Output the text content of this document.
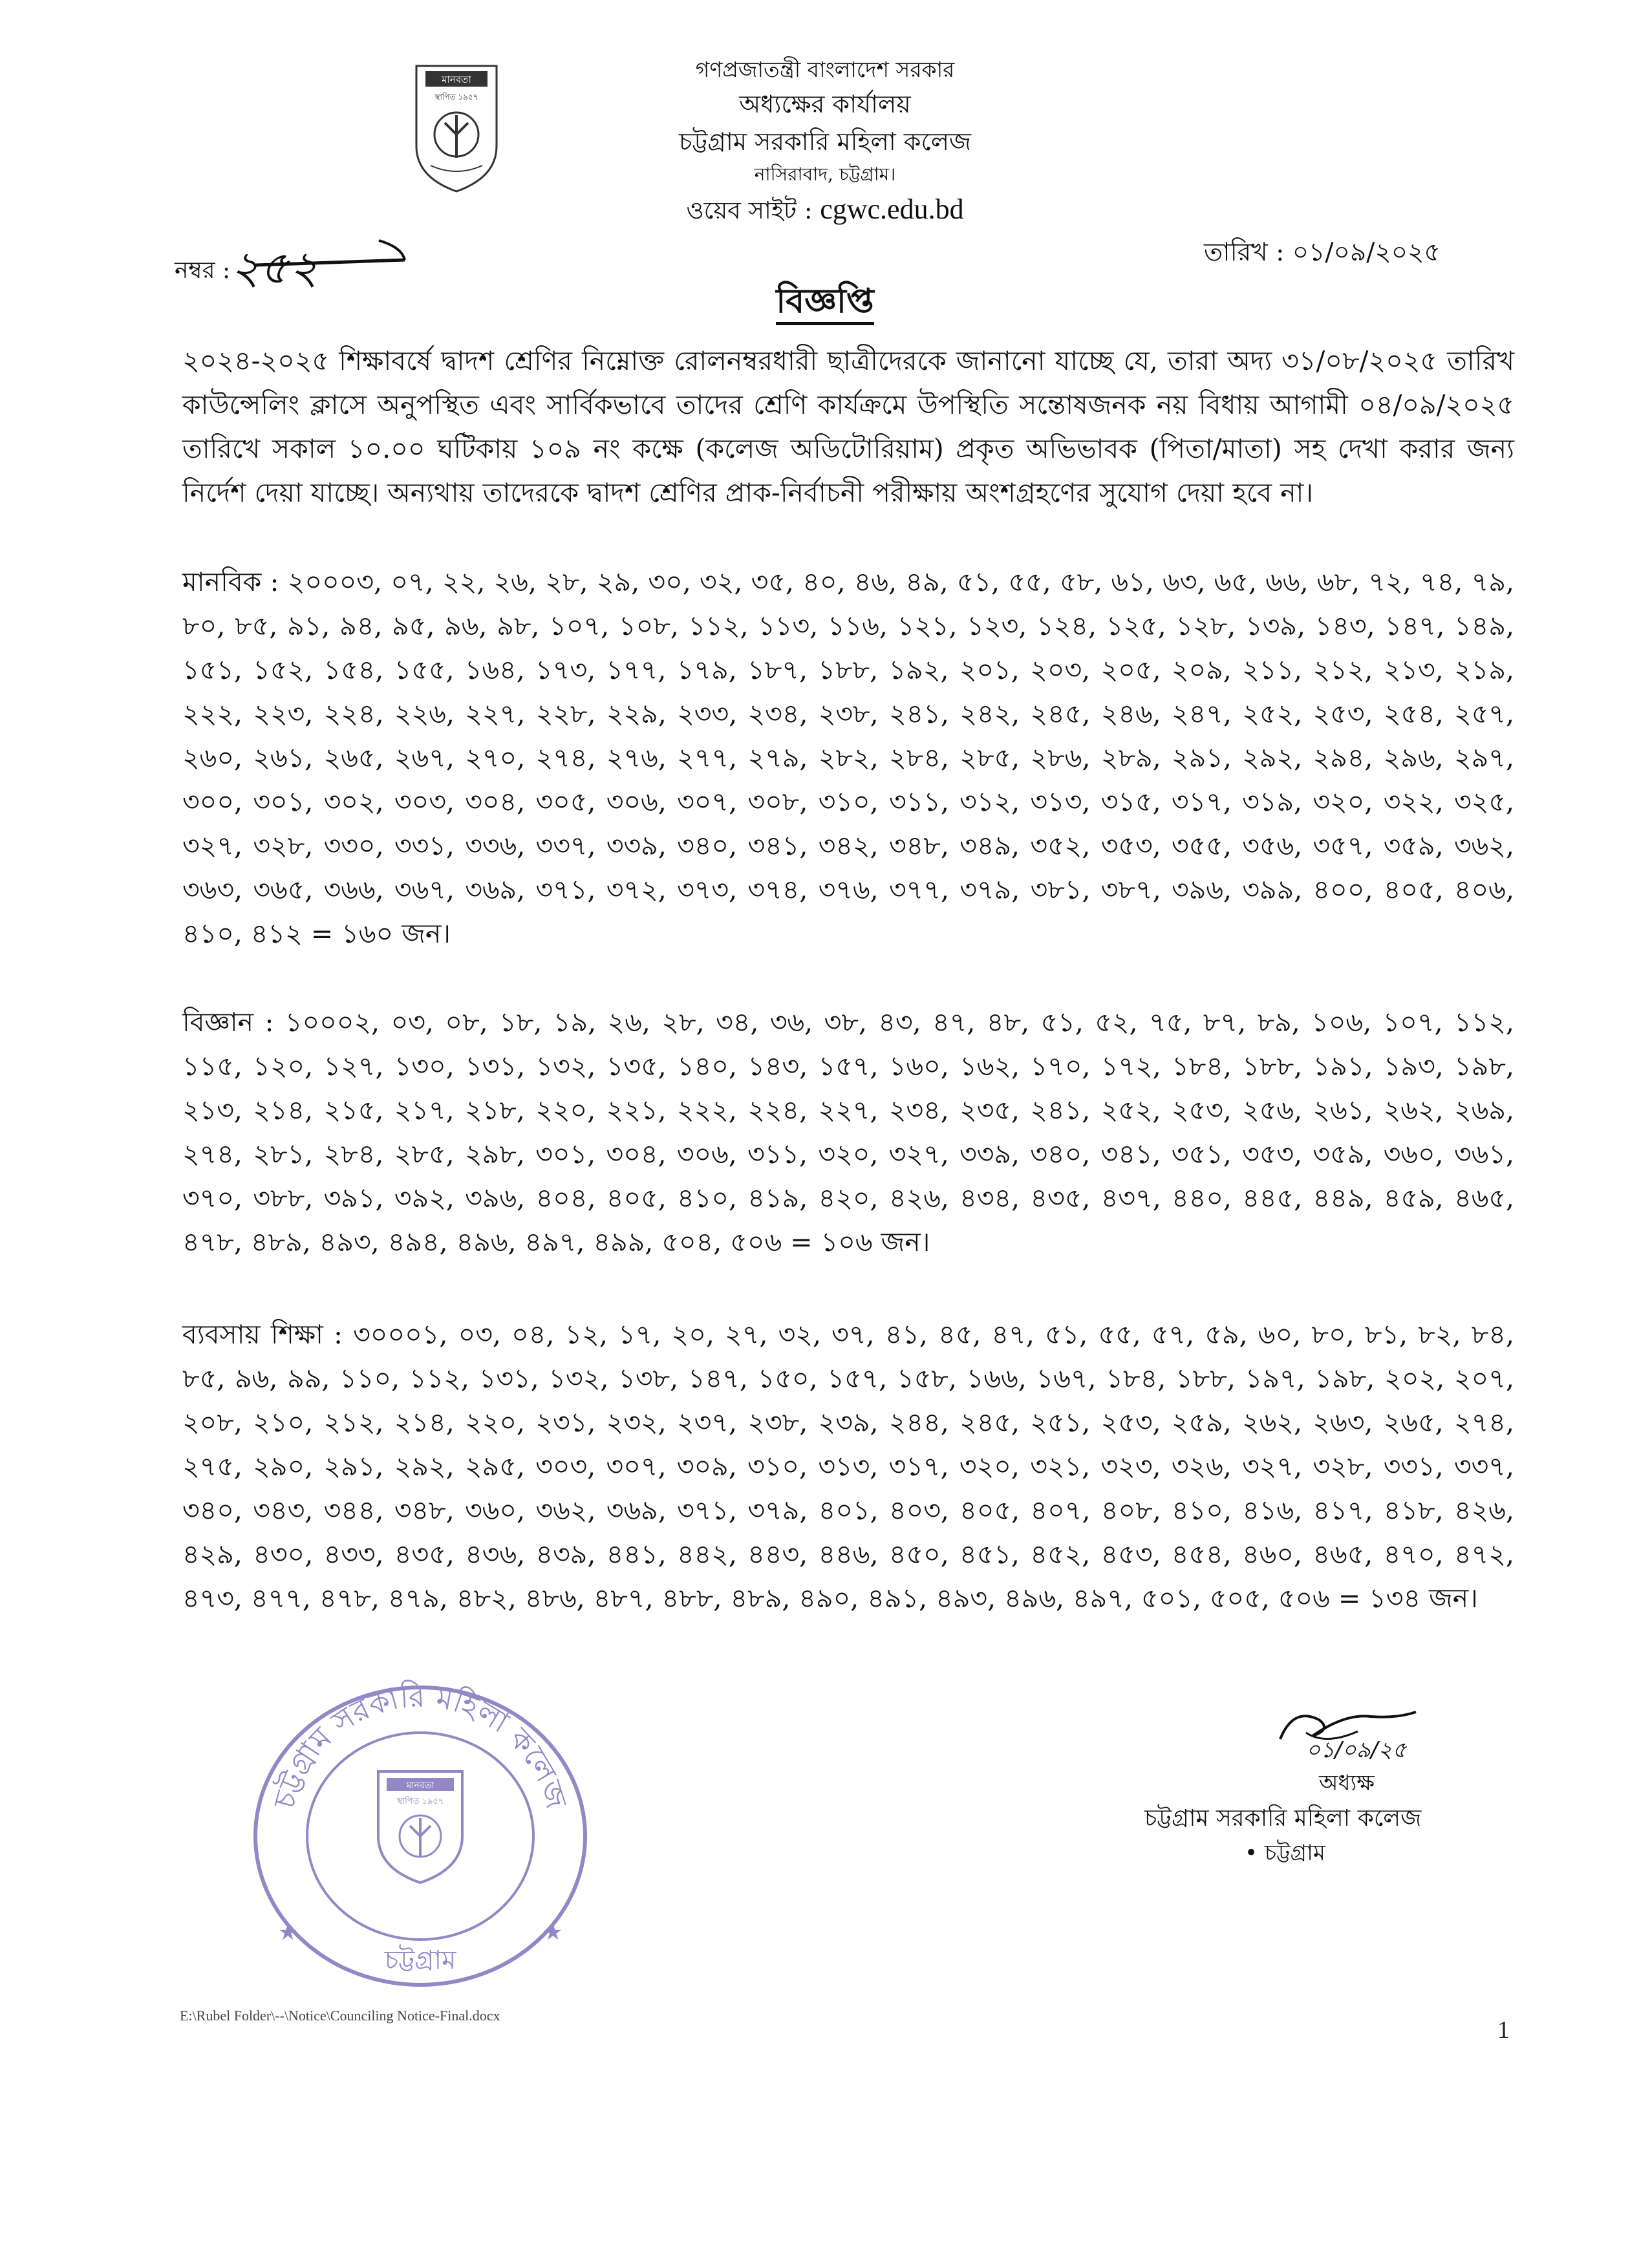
মানবতা
স্থাপিত ১৯৫৭
গণপ্রজাতন্ত্রী বাংলাদেশ সরকার
অধ্যক্ষের কার্যালয়
চট্টগ্রাম সরকারি মহিলা কলেজ
নাসিরাবাদ, চট্টগ্রাম।
ওয়েব সাইট : cgwc.edu.bd
নম্বর :২৫২	তারিখ : ০১/০৯/২০২৫
বিজ্ঞপ্তি
২০২৪-২০২৫ শিক্ষাবর্ষে দ্বাদশ শ্রেণির নিম্নোক্ত রোলনম্বরধারী ছাত্রীদেরকে জানানো যাচ্ছে যে, তারা অদ্য ৩১/০৮/২০২৫ তারিখ কাউন্সেলিং ক্লাসে অনুপস্থিত এবং সার্বিকভাবে তাদের শ্রেণি কার্যক্রমে উপস্থিতি সন্তোষজনক নয় বিধায় আগামী ০৪/০৯/২০২৫ তারিখে সকাল ১০.০০ ঘটিকায় ১০৯ নং কক্ষে (কলেজ অডিটোরিয়াম) প্রকৃত অভিভাবক (পিতা/মাতা) সহ দেখা করার জন্য নির্দেশ দেয়া যাচ্ছে। অন্যথায় তাদেরকে দ্বাদশ শ্রেণির প্রাক-নির্বাচনী পরীক্ষায় অংশগ্রহণের সুযোগ দেয়া হবে না।
মানবিক : ২০০০৩, ০৭, ২২, ২৬, ২৮, ২৯, ৩০, ৩২, ৩৫, ৪০, ৪৬, ৪৯, ৫১, ৫৫, ৫৮, ৬১, ৬৩, ৬৫, ৬৬, ৬৮, ৭২, ৭৪, ৭৯, ৮০, ৮৫, ৯১, ৯৪, ৯৫, ৯৬, ৯৮, ১০৭, ১০৮, ১১২, ১১৩, ১১৬, ১২১, ১২৩, ১২৪, ১২৫, ১২৮, ১৩৯, ১৪৩, ১৪৭, ১৪৯, ১৫১, ১৫২, ১৫৪, ১৫৫, ১৬৪, ১৭৩, ১৭৭, ১৭৯, ১৮৭, ১৮৮, ১৯২, ২০১, ২০৩, ২০৫, ২০৯, ২১১, ২১২, ২১৩, ২১৯, ২২২, ২২৩, ২২৪, ২২৬, ২২৭, ২২৮, ২২৯, ২৩৩, ২৩৪, ২৩৮, ২৪১, ২৪২, ২৪৫, ২৪৬, ২৪৭, ২৫২, ২৫৩, ২৫৪, ২৫৭, ২৬০, ২৬১, ২৬৫, ২৬৭, ২৭০, ২৭৪, ২৭৬, ২৭৭, ২৭৯, ২৮২, ২৮৪, ২৮৫, ২৮৬, ২৮৯, ২৯১, ২৯২, ২৯৪, ২৯৬, ২৯৭, ৩০০, ৩০১, ৩০২, ৩০৩, ৩০৪, ৩০৫, ৩০৬, ৩০৭, ৩০৮, ৩১০, ৩১১, ৩১২, ৩১৩, ৩১৫, ৩১৭, ৩১৯, ৩২০, ৩২২, ৩২৫, ৩২৭, ৩২৮, ৩৩০, ৩৩১, ৩৩৬, ৩৩৭, ৩৩৯, ৩৪০, ৩৪১, ৩৪২, ৩৪৮, ৩৪৯, ৩৫২, ৩৫৩, ৩৫৫, ৩৫৬, ৩৫৭, ৩৫৯, ৩৬২, ৩৬৩, ৩৬৫, ৩৬৬, ৩৬৭, ৩৬৯, ৩৭১, ৩৭২, ৩৭৩, ৩৭৪, ৩৭৬, ৩৭৭, ৩৭৯, ৩৮১, ৩৮৭, ৩৯৬, ৩৯৯, ৪০০, ৪০৫, ৪০৬, ৪১০, ৪১২ = ১৬০ জন।
বিজ্ঞান : ১০০০২, ০৩, ০৮, ১৮, ১৯, ২৬, ২৮, ৩৪, ৩৬, ৩৮, ৪৩, ৪৭, ৪৮, ৫১, ৫২, ৭৫, ৮৭, ৮৯, ১০৬, ১০৭, ১১২, ১১৫, ১২০, ১২৭, ১৩০, ১৩১, ১৩২, ১৩৫, ১৪০, ১৪৩, ১৫৭, ১৬০, ১৬২, ১৭০, ১৭২, ১৮৪, ১৮৮, ১৯১, ১৯৩, ১৯৮, ২১৩, ২১৪, ২১৫, ২১৭, ২১৮, ২২০, ২২১, ২২২, ২২৪, ২২৭, ২৩৪, ২৩৫, ২৪১, ২৫২, ২৫৩, ২৫৬, ২৬১, ২৬২, ২৬৯, ২৭৪, ২৮১, ২৮৪, ২৮৫, ২৯৮, ৩০১, ৩০৪, ৩০৬, ৩১১, ৩২০, ৩২৭, ৩৩৯, ৩৪০, ৩৪১, ৩৫১, ৩৫৩, ৩৫৯, ৩৬০, ৩৬১, ৩৭০, ৩৮৮, ৩৯১, ৩৯২, ৩৯৬, ৪০৪, ৪০৫, ৪১০, ৪১৯, ৪২০, ৪২৬, ৪৩৪, ৪৩৫, ৪৩৭, ৪৪০, ৪৪৫, ৪৪৯, ৪৫৯, ৪৬৫, ৪৭৮, ৪৮৯, ৪৯৩, ৪৯৪, ৪৯৬, ৪৯৭, ৪৯৯, ৫০৪, ৫০৬ = ১০৬ জন।
ব্যবসায় শিক্ষা : ৩০০০১, ০৩, ০৪, ১২, ১৭, ২০, ২৭, ৩২, ৩৭, ৪১, ৪৫, ৪৭, ৫১, ৫৫, ৫৭, ৫৯, ৬০, ৮০, ৮১, ৮২, ৮৪, ৮৫, ৯৬, ৯৯, ১১০, ১১২, ১৩১, ১৩২, ১৩৮, ১৪৭, ১৫০, ১৫৭, ১৫৮, ১৬৬, ১৬৭, ১৮৪, ১৮৮, ১৯৭, ১৯৮, ২০২, ২০৭, ২০৮, ২১০, ২১২, ২১৪, ২২০, ২৩১, ২৩২, ২৩৭, ২৩৮, ২৩৯, ২৪৪, ২৪৫, ২৫১, ২৫৩, ২৫৯, ২৬২, ২৬৩, ২৬৫, ২৭৪, ২৭৫, ২৯০, ২৯১, ২৯২, ২৯৫, ৩০৩, ৩০৭, ৩০৯, ৩১০, ৩১৩, ৩১৭, ৩২০, ৩২১, ৩২৩, ৩২৬, ৩২৭, ৩২৮, ৩৩১, ৩৩৭, ৩৪০, ৩৪৩, ৩৪৪, ৩৪৮, ৩৬০, ৩৬২, ৩৬৯, ৩৭১, ৩৭৯, ৪০১, ৪০৩, ৪০৫, ৪০৭, ৪০৮, ৪১০, ৪১৬, ৪১৭, ৪১৮, ৪২৬, ৪২৯, ৪৩০, ৪৩৩, ৪৩৫, ৪৩৬, ৪৩৯, ৪৪১, ৪৪২, ৪৪৩, ৪৪৬, ৪৫০, ৪৫১, ৪৫২, ৪৫৩, ৪৫৪, ৪৬০, ৪৬৫, ৪৭০, ৪৭২, ৪৭৩, ৪৭৭, ৪৭৮, ৪৭৯, ৪৮২, ৪৮৬, ৪৮৭, ৪৮৮, ৪৮৯, ৪৯০, ৪৯১, ৪৯৩, ৪৯৬, ৪৯৭, ৫০১, ৫০৫, ৫০৬ = ১৩৪ জন।
চট্টগ্রাম সরকারি মহিলা কলেজ
চট্টগ্রাম
★	★
মানবতা
স্থাপিত ১৯৫৭
০১/০৯/২৫
অধ্যক্ষ
চট্টগ্রাম সরকারি মহিলা কলেজ
• চট্টগ্রাম
E:\Rubel Folder\--\Notice\Counciling Notice-Final.docx
1
